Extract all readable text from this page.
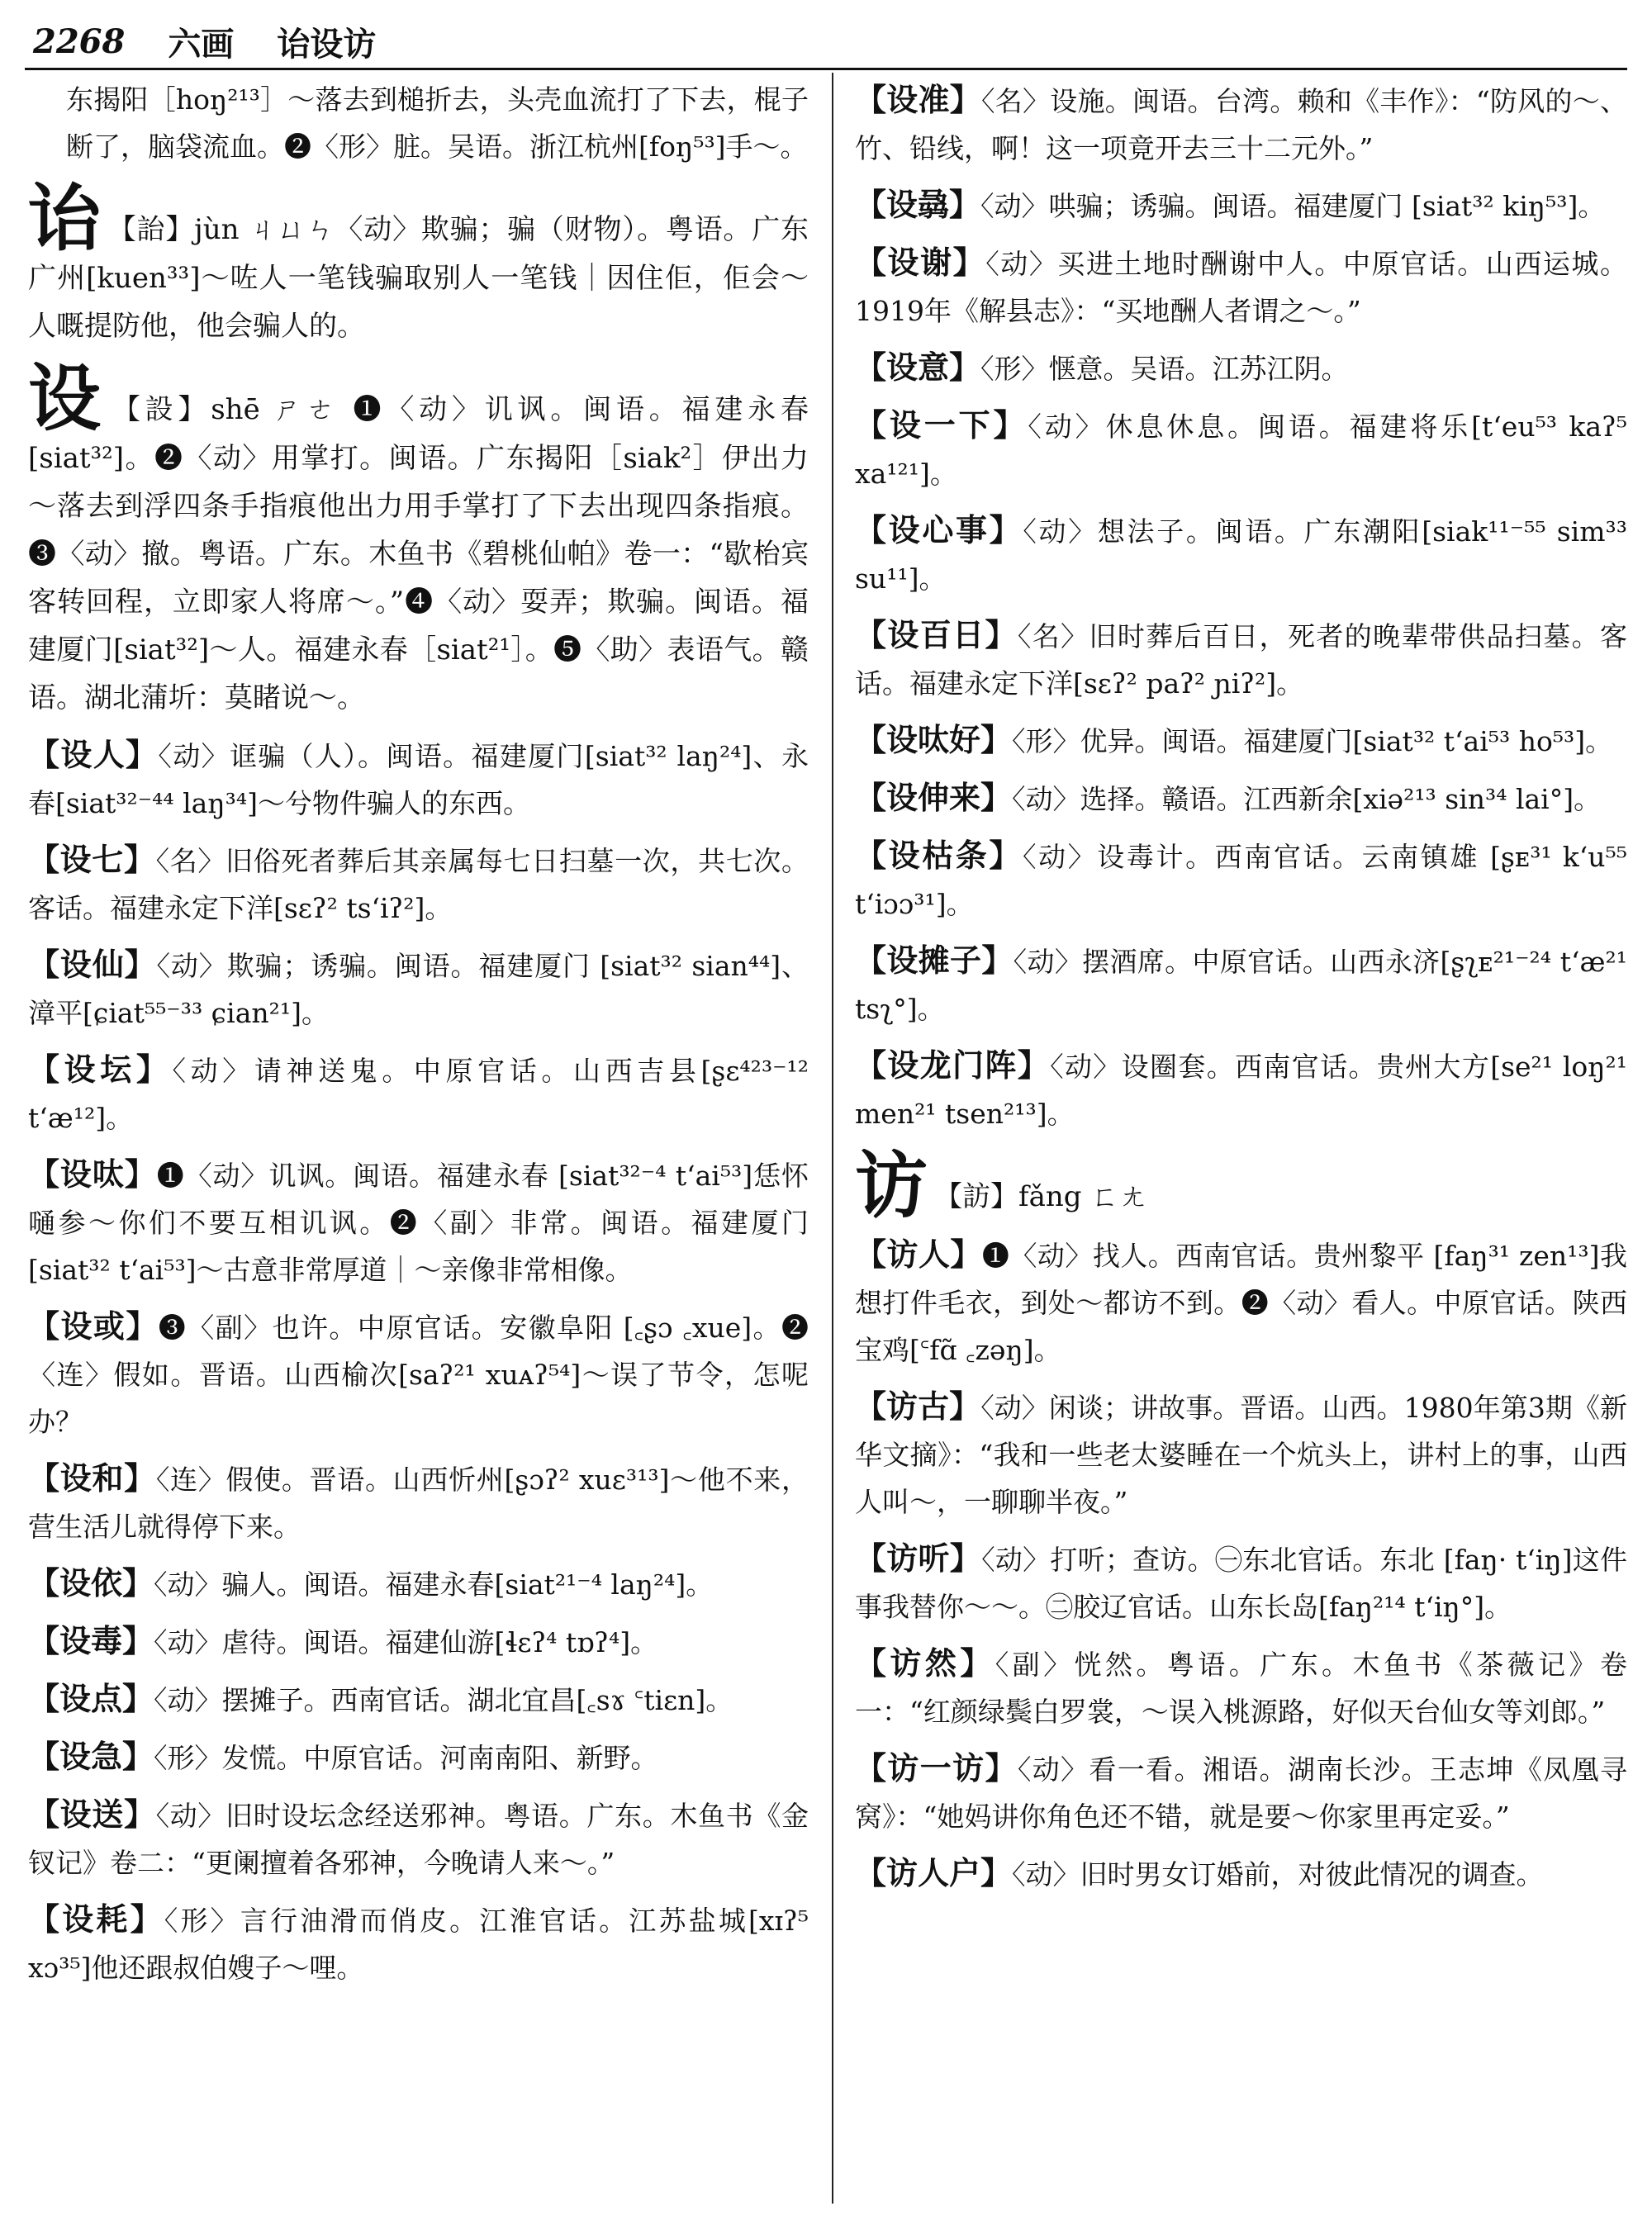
2268 六画 诒设访
东揭阳［hoŋ²¹³］～落去到槌折去，头壳血流打了下去，棍子断了，脑袋流血。❷〈形〉脏。吴语。浙江杭州[foŋ⁵³]手～。
诒 【詒】jùn ㄐㄩㄣ〈动〉欺骗；骗（财物）。粤语。广东广州[kuen³³]～咗人一笔钱骗取别人一笔钱｜因住佢，佢会～人嘅提防他，他会骗人的。
设 【設】shē ㄕㄜ ❶〈动〉讥讽。闽语。福建永春[siat³²]。❷〈动〉用掌打。闽语。广东揭阳［siak²］伊出力～落去到浮四条手指痕他出力用手掌打了下去出现四条指痕。❸〈动〉撤。粤语。广东。木鱼书《碧桃仙帕》卷一：“歇枱宾客转回程，立即家人将席～。”❹〈动〉耍弄；欺骗。闽语。福建厦门[siat³²]～人。福建永春［siat²¹］。❺〈助〉表语气。赣语。湖北蒲圻：莫睹说～。
【设人】〈动〉诓骗（人）。闽语。福建厦门[siat³² laŋ²⁴]、永春[siat³²⁻⁴⁴ laŋ³⁴]～兮物件骗人的东西。
【设七】〈名〉旧俗死者葬后其亲属每七日扫墓一次，共七次。客话。福建永定下洋[sɛʔ² tsʻiʔ²]。
【设仙】〈动〉欺骗；诱骗。闽语。福建厦门 [siat³² sian⁴⁴]、漳平[ɕiat⁵⁵⁻³³ ɕian²¹]。
【设坛】〈动〉请神送鬼。中原官话。山西吉县[ʂɛ⁴²³⁻¹² tʻæ¹²]。
【设呔】❶〈动〉讥讽。闽语。福建永春 [siat³²⁻⁴ tʻai⁵³]恁怀嗵参～你们不要互相讥讽。❷〈副〉非常。闽语。福建厦门[siat³² tʻai⁵³]～古意非常厚道｜～亲像非常相像。
【设或】❸〈副〉也许。中原官话。安徽阜阳 [꜀ʂɔ ꜀xue]。❷〈连〉假如。晋语。山西榆次[saʔ²¹ xuᴀʔ⁵⁴]～误了节令，怎呢办？
【设和】〈连〉假使。晋语。山西忻州[ʂɔʔ² xuɛ³¹³]～他不来，营生活儿就得停下来。
【设依】〈动〉骗人。闽语。福建永春[siat²¹⁻⁴ laŋ²⁴]。
【设毒】〈动〉虐待。闽语。福建仙游[ɬɛʔ⁴ tɒʔ⁴]。
【设点】〈动〉摆摊子。西南官话。湖北宜昌[꜀sɤ ꜂tiɛn]。
【设急】〈形〉发慌。中原官话。河南南阳、新野。
【设送】〈动〉旧时设坛念经送邪神。粤语。广东。木鱼书《金钗记》卷二：“更阑擅着各邪神，今晚请人来～。”
【设耗】〈形〉言行油滑而俏皮。江淮官话。江苏盐城[xɪʔ⁵ xɔ³⁵]他还跟叔伯嫂子～哩。
【设准】〈名〉设施。闽语。台湾。赖和《丰作》：“防风的～、竹、铅线，啊！这一项竟开去三十二元外。”
【设骉】〈动〉哄骗；诱骗。闽语。福建厦门 [siat³² kiŋ⁵³]。
【设谢】〈动〉买进土地时酬谢中人。中原官话。山西运城。1919年《解县志》：“买地酬人者谓之～。”
【设意】〈形〉惬意。吴语。江苏江阴。
【设一下】〈动〉休息休息。闽语。福建将乐[tʻeu⁵³ kaʔ⁵ xa¹²¹]。
【设心事】〈动〉想法子。闽语。广东潮阳[siak¹¹⁻⁵⁵ sim³³ su¹¹]。
【设百日】〈名〉旧时葬后百日，死者的晚辈带供品扫墓。客话。福建永定下洋[sɛʔ² paʔ² ɲiʔ²]。
【设呔好】〈形〉优异。闽语。福建厦门[siat³² tʻai⁵³ ho⁵³]。
【设伸来】〈动〉选择。赣语。江西新余[xiə²¹³ sin³⁴ lai°]。
【设枯条】〈动〉设毒计。西南官话。云南镇雄 [ʂᴇ³¹ kʻu⁵⁵ tʻiɔɔ³¹]。
【设摊子】〈动〉摆酒席。中原官话。山西永济[ʂʅᴇ²¹⁻²⁴ tʻæ²¹ tsʅ°]。
【设龙门阵】〈动〉设圈套。西南官话。贵州大方[se²¹ loŋ²¹ men²¹ tsen²¹³]。
访 【訪】fǎng ㄈㄤ
【访人】❶〈动〉找人。西南官话。贵州黎平 [faŋ³¹ zen¹³]我想打件毛衣，到处～都访不到。❷〈动〉看人。中原官话。陕西宝鸡[꜂fɑ̃ ꜀zəŋ]。
【访古】〈动〉闲谈；讲故事。晋语。山西。1980年第3期《新华文摘》：“我和一些老太婆睡在一个炕头上，讲村上的事，山西人叫～，一聊聊半夜。”
【访听】〈动〉打听；查访。㊀东北官话。东北 [faŋ· tʻiŋ]这件事我替你～～。㊁胶辽官话。山东长岛[faŋ²¹⁴ tʻiŋ°]。
【访然】〈副〉恍然。粤语。广东。木鱼书《茶薇记》卷一：“红颜绿鬓白罗裳，～误入桃源路，好似天台仙女等刘郎。”
【访一访】〈动〉看一看。湘语。湖南长沙。王志坤《凤凰寻窝》：“她妈讲你角色还不错，就是要～你家里再定妥。”
【访人户】〈动〉旧时男女订婚前，对彼此情况的调查。
